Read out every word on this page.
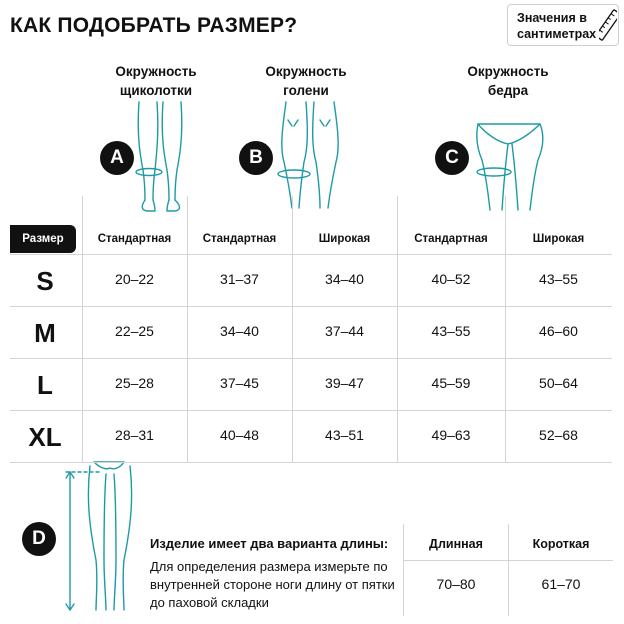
КАК ПОДОБРАТЬ РАЗМЕР?	Значения в сантиметрах
Окружность щиколотки
Окружность голени
Окружность бедра
A	B	C
D
Размер	Стандартная	Стандартная	Широкая	Стандартная	Широкая
S	20–22	31–37	34–40	40–52	43–55
M	22–25	34–40	37–44	43–55	46–60
L	25–28	37–45	39–47	45–59	50–64
XL	28–31	40–48	43–51	49–63	52–68
Изделие имеет два варианта длины:
Для определения размера измерьте по внутренней стороне ноги длину от пятки до паховой складки
Длинная	Короткая
70–80	61–70
